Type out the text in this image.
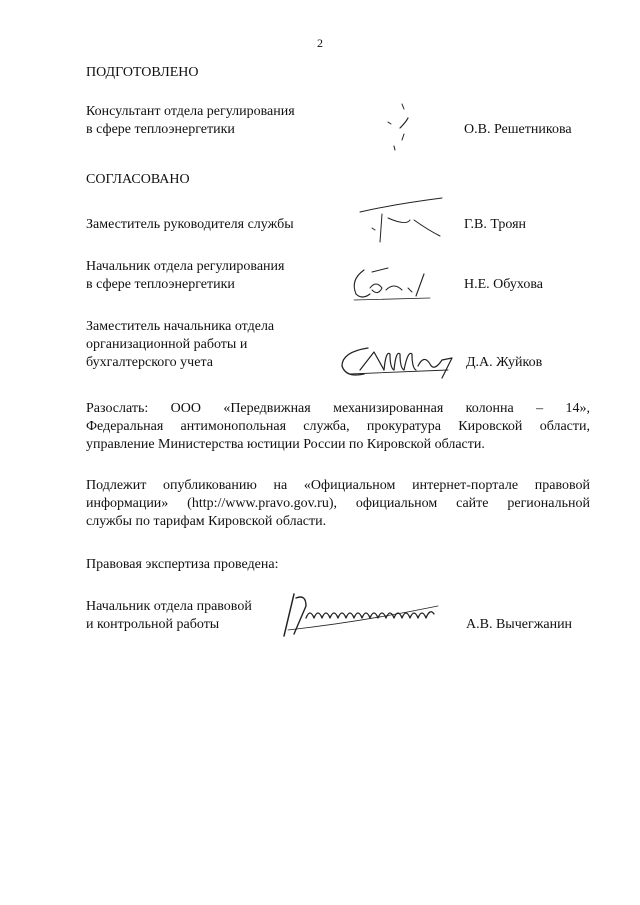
2
ПОДГОТОВЛЕНО
Консультант отдела регулирования
в сфере теплоэнергетики	О.В. Решетникова
СОГЛАСОВАНО
Заместитель руководителя службы	Г.В. Троян
Начальник отдела регулирования
в сфере теплоэнергетики	Н.Е. Обухова
Заместитель начальника отдела
организационной работы и
бухгалтерского учета	Д.А. Жуйков
Разослать: ООО «Передвижная механизированная колонна – 14»,
Федеральная антимонопольная служба, прокуратура Кировской области,
управление Министерства юстиции России по Кировской области.
Подлежит опубликованию на «Официальном интернет-портале правовой
информации» (http://www.pravo.gov.ru), официальном сайте региональной
службы по тарифам Кировской области.
Правовая экспертиза проведена:
Начальник отдела правовой
и контрольной работы	А.В. Вычегжанин
